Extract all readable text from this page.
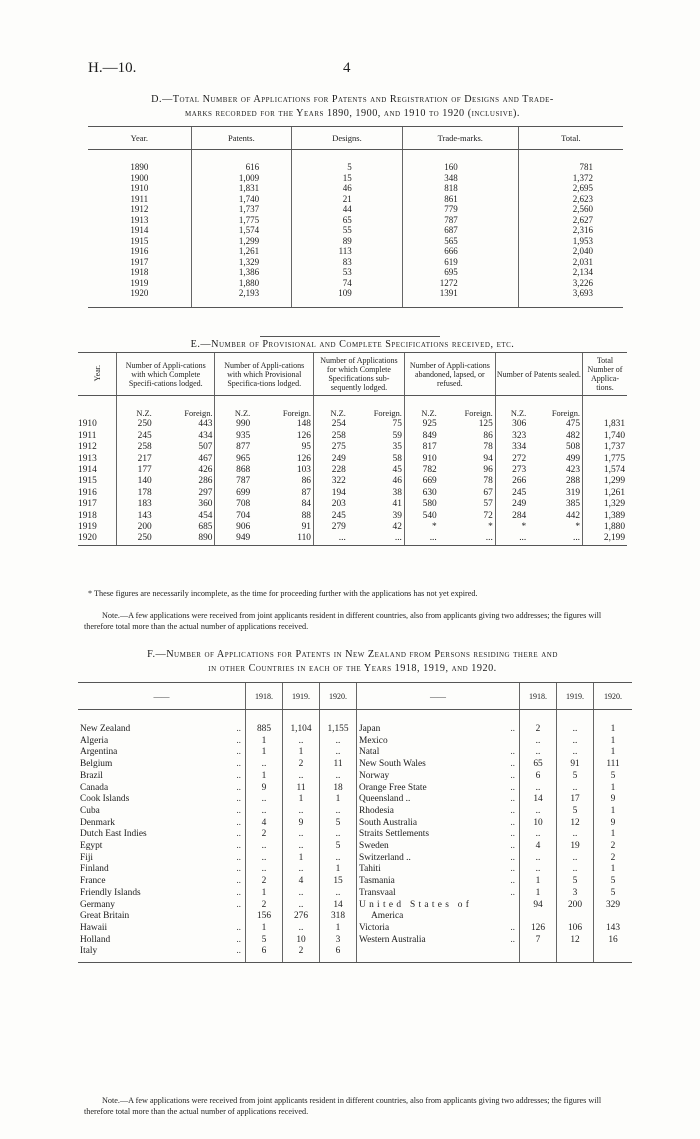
H.—10.	4
D.—Total Number of Applications for Patents and Registration of Designs and Trade-
marks recorded for the Years 1890, 1900, and 1910 to 1920 (inclusive).
Year.	Patents.	Designs.	Trade-marks.	Total.
1890	616	5	160	781
1900	1,009	15	348	1,372
1910	1,831	46	818	2,695
1911	1,740	21	861	2,623
1912	1,737	44	779	2,560
1913	1,775	65	787	2,627
1914	1,574	55	687	2,316
1915	1,299	89	565	1,953
1916	1,261	113	666	2,040
1917	1,329	83	619	2,031
1918	1,386	53	695	2,134
1919	1,880	74	1272	3,226
1920	2,193	109	1391	3,693
E.—Number of Provisional and Complete Specifications received, etc.
Year.	Number of Appli-cations with which Complete Specifi-cations lodged.		Number of Appli-cations with which Provisional Specifica-tions lodged.		Number of Applications for which Complete Specifications sub-sequently lodged.		Number of Appli-cations abandoned, lapsed, or refused.		Number of Patents sealed.		Total Number of Applica-tions.
	N.Z.	Foreign.	N.Z.	Foreign.	N.Z.	Foreign.	N.Z.	Foreign.	N.Z.	Foreign.	
1910	250	443	990	148	254	75	925	125	306	475	1,831
1911	245	434	935	126	258	59	849	86	323	482	1,740
1912	258	507	877	95	275	35	817	78	334	508	1,737
1913	217	467	965	126	249	58	910	94	272	499	1,775
1914	177	426	868	103	228	45	782	96	273	423	1,574
1915	140	286	787	86	322	46	669	78	266	288	1,299
1916	178	297	699	87	194	38	630	67	245	319	1,261
1917	183	360	708	84	203	41	580	57	249	385	1,329
1918	143	454	704	88	245	39	540	72	284	442	1,389
1919	200	685	906	91	279	42	*	*	*	*	1,880
1920	250	890	949	110	...	...	...	...	...	...	2,199
* These figures are necessarily incomplete, as the time for proceeding further with the applications has not yet expired.
Note.—A few applications were received from joint applicants resident in different countries, also from applicants giving two addresses; the figures will therefore total more than the actual number of applications received.
F.—Number of Applications for Patents in New Zealand from Persons residing there and
in other Countries in each of the Years 1918, 1919, and 1920.
——		1918.	1919.	1920.
New Zealand	..	885	1,104	1,155
Algeria	..	1	..	..
Argentina	..	1	1	..
Belgium	..	..	2	11
Brazil	..	1	..	..
Canada	..	9	11	18
Cook Islands	..	..	1	1
Cuba	..	..	..	..
Denmark	..	4	9	5
Dutch East Indies	..	2	..	..
Egypt	..	..	..	5
Fiji	..	..	1	..
Finland	..	..	..	1
France	..	2	4	15
Friendly Islands	..	1	..	..
Germany	..	2	..	14
Great Britain		156	276	318
Hawaii	..	1	..	1
Holland	..	5	10	3
Italy	..	6	2	6
——		1918.	1919.	1920.
Japan	..	2	..	1
Mexico		..	..	1
Natal	..	..	..	1
New South Wales	..	65	91	111
Norway	..	6	5	5
Orange Free State	..	..	..	1
Queensland ..	..	14	17	9
Rhodesia	..	..	5	1
South Australia	..	10	12	9
Straits Settlements	..	..	..	1
Sweden	..	4	19	2
Switzerland ..	..	..	..	2
Tahiti	..	..	..	1
Tasmania	..	1	5	5
Transvaal	..	1	3	5
United States of		94	200	329
America				
Victoria	..	126	106	143
Western Australia	..	7	12	16

Note.—A few applications were received from joint applicants resident in different countries, also from applicants giving two addresses; the figures will therefore total more than the actual number of applications received.
